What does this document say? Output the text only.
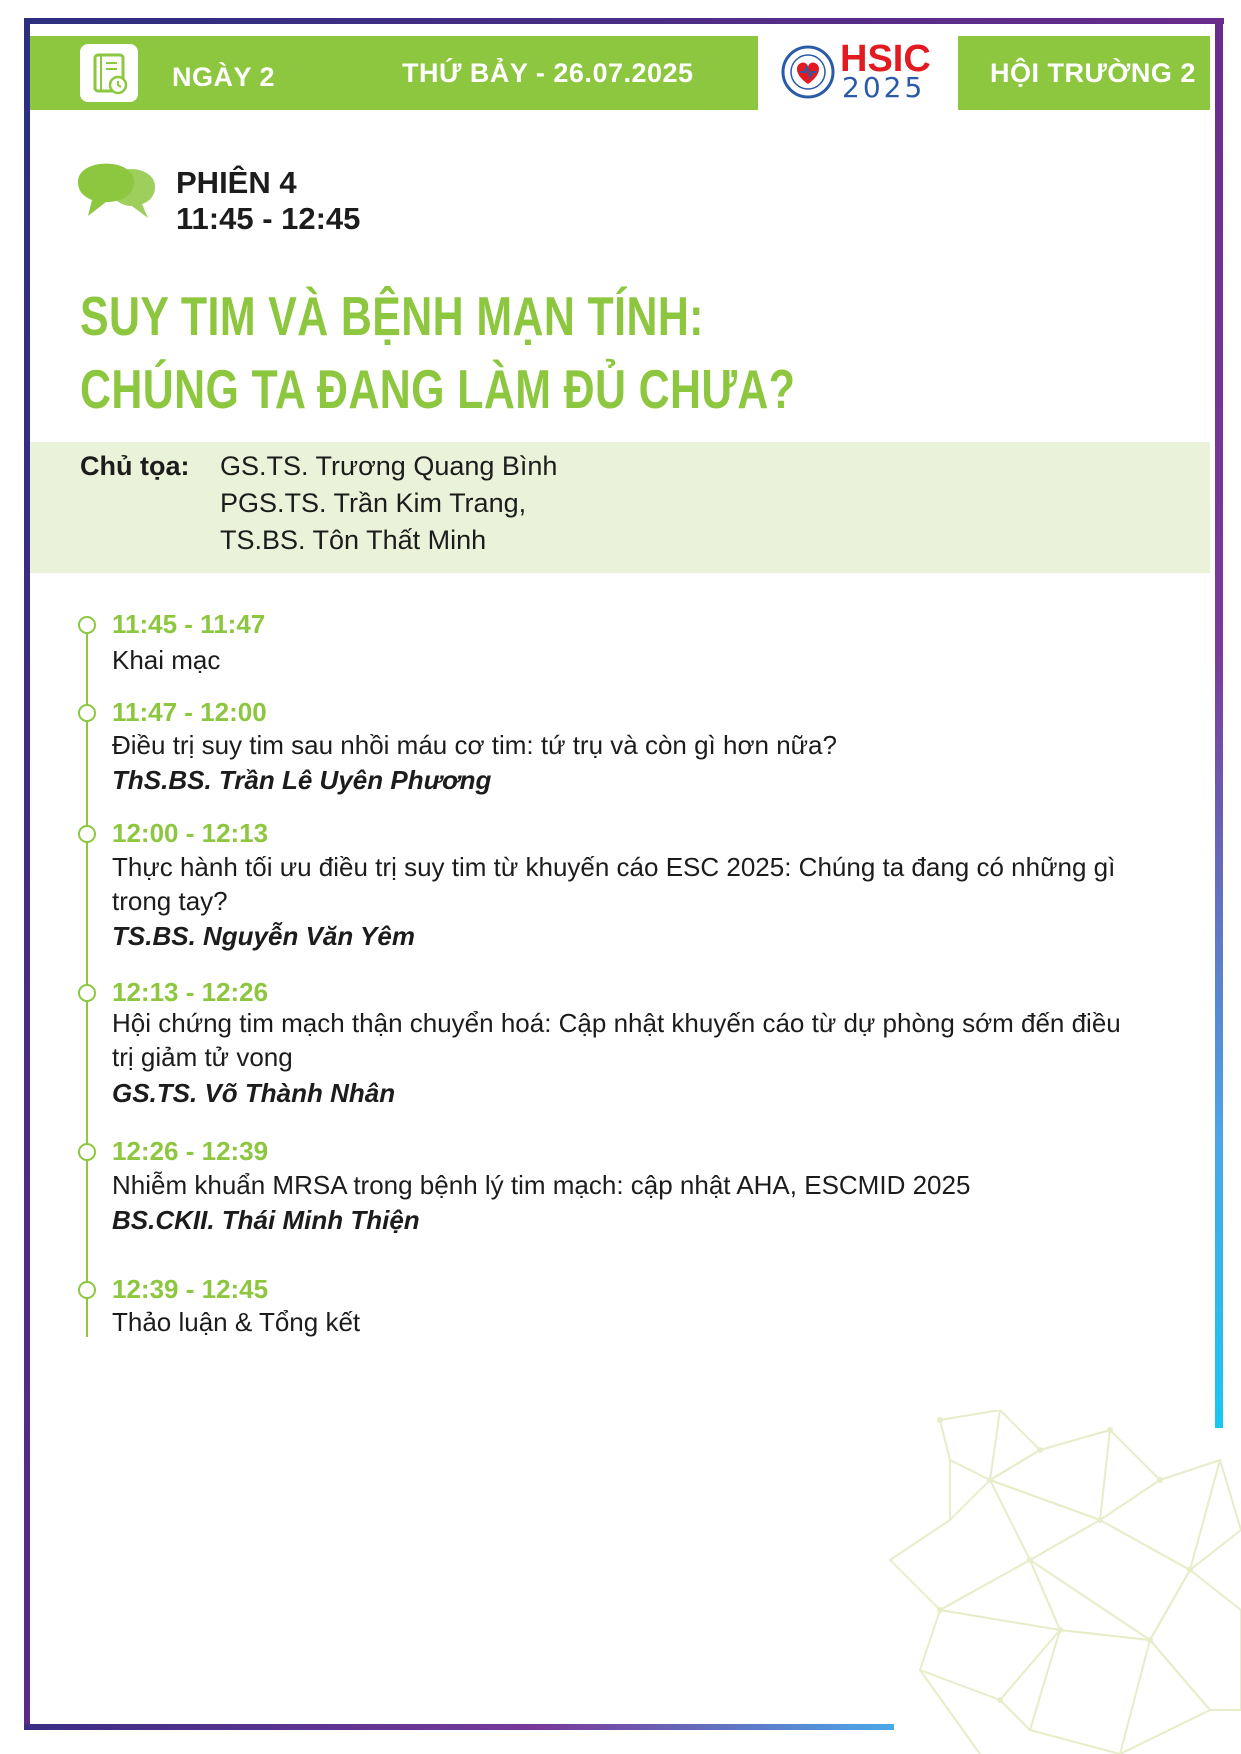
NGÀY 2	THỨ BẢY - 26.07.2025	HSIC
2025 HỘI TRƯỜNG 2
PHIÊN 4
11:45 - 12:45
SUY TIM VÀ BỆNH MẠN TÍNH:
CHÚNG TA ĐANG LÀM ĐỦ CHƯA?
Chủ tọa: GS.TS. Trương Quang Bình
PGS.TS. Trần Kim Trang,
TS.BS. Tôn Thất Minh
11:45 - 11:47
Khai mạc
11:47 - 12:00
Điều trị suy tim sau nhồi máu cơ tim: tứ trụ và còn gì hơn nữa?
ThS.BS. Trần Lê Uyên Phương
12:00 - 12:13
Thực hành tối ưu điều trị suy tim từ khuyến cáo ESC 2025: Chúng ta đang có những gì trong tay?
TS.BS. Nguyễn Văn Yêm
12:13 - 12:26
Hội chứng tim mạch thận chuyển hoá: Cập nhật khuyến cáo từ dự phòng sớm đến điều trị giảm tử vong
GS.TS. Võ Thành Nhân
12:26 - 12:39
Nhiễm khuẩn MRSA trong bệnh lý tim mạch: cập nhật AHA, ESCMID 2025
BS.CKII. Thái Minh Thiện
12:39 - 12:45
Thảo luận & Tổng kết
